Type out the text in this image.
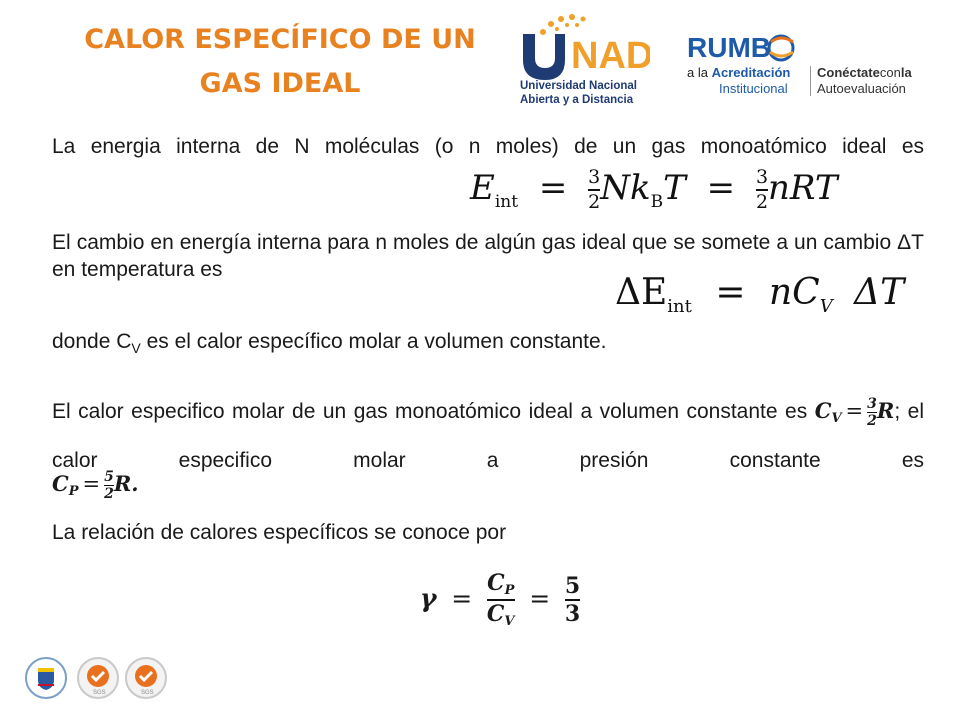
CALOR ESPECÍFICO DE UN
GAS IDEAL
NAD
Universidad Nacional
Abierta y a Distancia
RUMB
a la Acreditación
Institucional
Conéctateconla
Autoevaluación
La energia interna de N moléculas (o n moles) de un gas monoatómico ideal es
$E_{int} = \frac{3}{2} Nk_BT = \frac{3}{2}$ nRT
El cambio en energía interna para n moles de algún gas ideal que se somete a un cambio ΔT en temperatura es
$\Delta E_{int} = nC_V$ ΔT
donde $C_V$ es el calor específico molar a volumen constante.
El calor especifico molar de un gas monoatómico ideal a volumen constante es CV = $\frac{3}{2}R$; el calor especifico molar a presión constante es
CP = $\frac{5}{2}R$.
La relación de calores específicos se conoce por
$\gamma = \frac{CP}{CV} = \frac{5}{3}$
SGS	SGS
